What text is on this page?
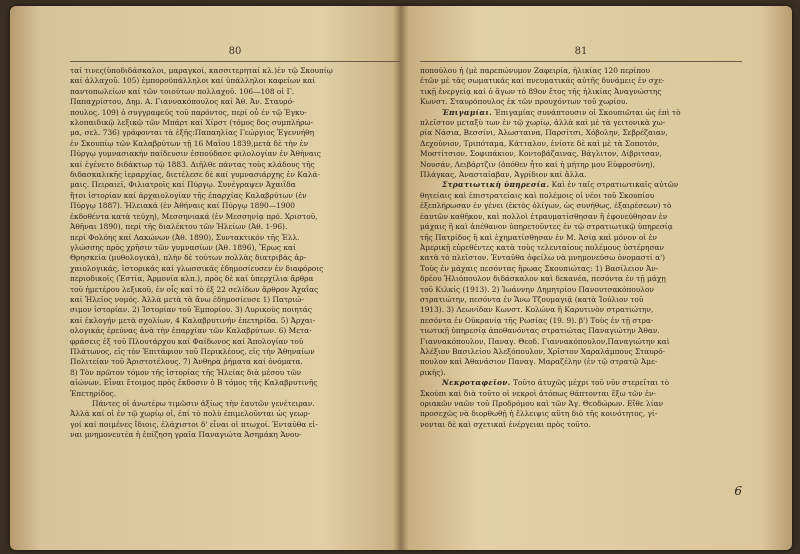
80
ταί τινες(ὑποδιδάσκαλοι, μαραγκοί, κασσιτερηταί κλ.)ἐν τῷ Σκουπίῳ
καί ἀλλαχοῦ. 105) ἐμποροϋπάλληλοι καί ὑπάλληλοι καφείων καί
παντοπωλείων καί τῶν τοιούτων πολλαχοῦ. 106—108 οἱ Γ.
Παπαχρίστου, Δημ. Α. Γιαννακόπουλος καί Ἀθ. Ἀν. Σταυρό-
πουλος. 109) ὁ συγγραφεύς τοῦ παρόντος, περί οὗ ἐν τῷ Ἐγκυ-
κλοπαιδικῷ λεξικῷ τῶν Μπάρτ καί Χίρστ (τόμος δος συμπλήρω-
μα, σελ. 736) γράφονται τὰ ἑξῆς:Παπαηλίας Γεώργιος Ἐγεννήθη
ἐν Σκουπίῳ τῶν Καλαβρύτων τῇ 16 Μαΐου 1839,μετὰ δὲ τὴν ἐν
Πύργῳ γυμνασιακήν παίδευσιν ἐσπούδασε φιλολογίαν ἐν Ἀθήναις
καί ἐγένετο διδάκτωρ τῷ 1883. Διῆλθε πάντας τοὺς κλάδους τῆς
διδασκαλικῆς ἱεραρχίας, διετέλεσε δὲ καί γυμνασιάρχης ἐν Καλά-
μαις. Πειραιεῖ, Φιλιατροῖς καί Πύργῳ. Συνέγραψεν Ἀχαιΐδα
ἤτοι ἱστορίαν καί ἀρχαιολογίαν τῆς ἐπαρχίας Καλαβρύτων (ἐν
Πύργῳ 1887). Ἠλειακά (ἐν Ἀθήναις καί Πύργῳ 1890—1900
ἐκδοθέντα κατὰ τεύχη), Μεσσηνιακά (ἐν Μεσσηνίᾳ πρό. Χριστοῦ,
Ἀθῆναι 1890), περί τῆς διαλέκτου τῶν Ἠλείων (Ἀθ. 1-96).
περί Φολόης καί Λακώνων (Ἀθ. 1890), Συντακτικόν τῆς Ἑλλ.
γλώσσης πρὸς χρῆσιν τῶν γυμνασίων (Ἀθ. 1896), Ἔρως καί
Θρησκεία (μυθολογικά), πλὴν δὲ τούτων πολλὰς διατριβὰς ἀρ-
χαιολογικάς, ἱστορικάς καί γλωσσικάς ἐδημοσίευσεν ἐν διαφόροις
περιοδικοῖς (Ἑστία, Ἁρμονία κλπ.), πρὸς δὲ καί ὑπερχίλια ἄρθρα
τοῦ ἡμετέρου λεξικοῦ, ἐν οἷς καί τὸ ἐξ 22 σελίδων ἄρθρον Ἀχαΐας
καί Ἠλεῖος νομός. Ἀλλὰ μετὰ τὰ ἄνω ἐδημοσίευσε 1) Πατριώ-
σιμον ἱστορίαν. 2) Ἱστορίαν τοῦ Ἐμπορίου. 3) Λυρικοὺς ποιητάς
καί ἐκλογήν μετὰ σχολίων, 4 Καλαβρυτινήν ἐπετηρίδα. 5) Ἀρχαι-
ολογικάς ἐρεύνας ἀνὰ τὴν ἐπαρχίαν τῶν Καλαβρύτων. 6) Μετα-
φράσεις ἐξ τοῦ Πλουτάρχου καί Φαίδωνος καί Ἀπολογίαν τοῦ
Πλάτωνος, εἰς τὸν Ἐπιτάφιον τοῦ Περικλέους, εἰς τὴν Ἀθηναίων
Πολιτείαν τοῦ Ἀριστοτέλους. 7) Ἀνθηρὰ ῥήματα καί ὀνόματα.
8) Τὸν πρῶτον τόμον τῆς ἱστορίας τῆς Ἠλείας διὰ μέσου τῶν
αἰώνων. Εἶναι ἔτοιμος πρὸς ἔκδοσιν ὁ Β τόμος τῆς Καλαβρυτινῆς
Ἐπετηρίδος.
Πάντες οἱ ἀνωτέρω τιμῶσιν ἀξίως τὴν ἑαυτῶν γενέτειραν.
Ἀλλὰ καί οἱ ἐν τῷ χωρίῳ οἰ, ἐπί τὸ πολὺ ἐπιμελοῦνται ὡς γεωρ-
γοί καί ποιμένες ἴδιοις, ἐλάχιστοι δ' εἶναι οἱ πτωχοί. Ἐνταῦθα εἰ-
ναι μνημονευτέα ἡ ἐπίζηση γραῖα Παναγιώτα Ἀσημάκη Ἀνου-
81
ποπούλου ἡ (μὲ παρεπώνυμον Ζαφειρία, ἡλικίας 120 περίπου
ἐτῶν μὲ τὰς σωματικάς καί πνευματικάς αὐτῆς δυνάμεις ἐν σχε-
τικῇ ἐνεργείᾳ καί ὁ ἄγων τὸ 89ον ἔτος τῆς ἡλικίας Ἀναγνώστης
Κωνστ. Σταυρόπουλος ἐκ τῶν προυχόντων τοῦ χωρίου.
Ἐπιγαμίαι. Ἐπιγαμίας συνάπτουσιν οἱ Σκουπιῶται ὡς ἐπὶ τὸ
πλεῖστον μεταξὺ των ἐν τῷ χωρίῳ, ἀλλὰ καὶ μὲ τὰ γειτονικὰ χω-
ρία Νάσια, Βεσσίνι, Ἀλωσταινα, Παρσίτσι, Χόβολην, Σεβρέζαιαν,
Δεχούνιον, Τριπόταμα, Κάτταλον, ἐνίοτε δὲ καὶ μὲ τὰ Σοποτόν,
Μοστίτσιον, Σοφιπάκιον, Κοντοβάζαινας, Βάγλιτον, Δίβριτσαν,
Νουσάν, Λειβάρτζιν (ὁπόθεν ἦτο καί ἡ μήτηρ μου Εὐφροσύνη),
Πλάγκας, Ἀνασταίαβαν, Ἀγρίδιον καί ἄλλα.
Στρατιωτικὴ ὑπηρεσία. Καὶ ἐν ταῖς στρατιωτικαῖς αὐτῶν
θητείαις καὶ ἐπιστρατείαις καὶ πολέμοις οἱ νέοι τοῦ Σκουπίου
ἐξεπλήρωσαν ἐν γένει (ἐκτὸς ὀλίγων, ὡς συνήθως, ἐξαιρέσεων) τὸ
ἑαυτῶν καθῆκον, καὶ πολλοὶ ἐτραυματίσθησαν ἢ ἐφονεύθησαν ἐν
μάχαις ἢ καὶ ἀπέθανον ὑπηρετοῦντες ἐν τῷ στρατιωτικῷ ὑπηρεσίᾳ
τῆς Πατρίδος ἢ καὶ ἐχηματίσθησαν ἐν Μ. Ἀσίᾳ καὶ μόνον οἱ ἐν
Ἀμερικῇ εὑρεθέντες κατὰ τοὺς τελευταίους πολέμους ὑστέρησαν
κατὰ τὸ πλεῖστον. Ἐνταῦθα ὀφείλω νὰ μνημονεύσω ὀνομαστί α')
Τοὺς ἐν μάχαις πεσόντας ἥρωας Σκουπιώτας: 1) Βασίλειον Ἀν-
δρέου Ἠλιόπουλον διδάσκαλον καὶ δεκανέα, πεσόντα ἐν τῇ μάχῃ
τοῦ Κιλκίς (1913). 2) Ἰωάννην Δημητρίου Πανουτσακόπουλον
στρατιώτην, πεσόντα ἐν Ἄνω Τζουμαγιᾷ (κατὰ Ἰούλιον τοῦ
1913). 3) Λεωνίδαν Κωνστ. Κολώνα ἢ Καρυτινὸν στρατιώτην,
πεσόντα ἐν Οὐκρανίᾳ τῆς Ρωσίας (19. 9). β') Τοὺς ἐν τῇ στρα-
τιωτικῇ ὑπηρεσίᾳ ἀποθανόντας στρατιώτας Παναγιώτην Ἀθαν.
Γιαννακόπουλον, Παναγ. Θεοδ. Γιαννακόπουλον,Παναγιώτην καὶ
Ἀλέξιον Βασιλείου Ἀλεξόπουλον, Χρῖστον Χαραλάμπους Σταυρό-
πουλον καὶ Ἀθανάσιον Παναγ. Μαραζέλην (ἐν τῷ στρατῷ Ἀμε-
ρικῆς).
Νεκροταφεῖον. Τοῦτο ἀτυχῶς μέχρι τοῦ νῦν στερεῖται τὸ
Σκούπι καὶ διὰ τοῦτο οἱ νεκροὶ ἀτόπως θάπτονται ἔξω τῶν ἐν-
οριακῶν ναῶν τοῦ Προδρόμου καὶ τῶν Ἁγ. Θεοδώρων. Εἴθε λίαν
προσεχῶς νὰ διορθωθῇ ἡ ἔλλειψις αὕτη διὸ τῆς κοινότητος, γί-
νονται δὲ καὶ σχετικαὶ ἐνέργειαι πρὸς τοῦτο.
6
